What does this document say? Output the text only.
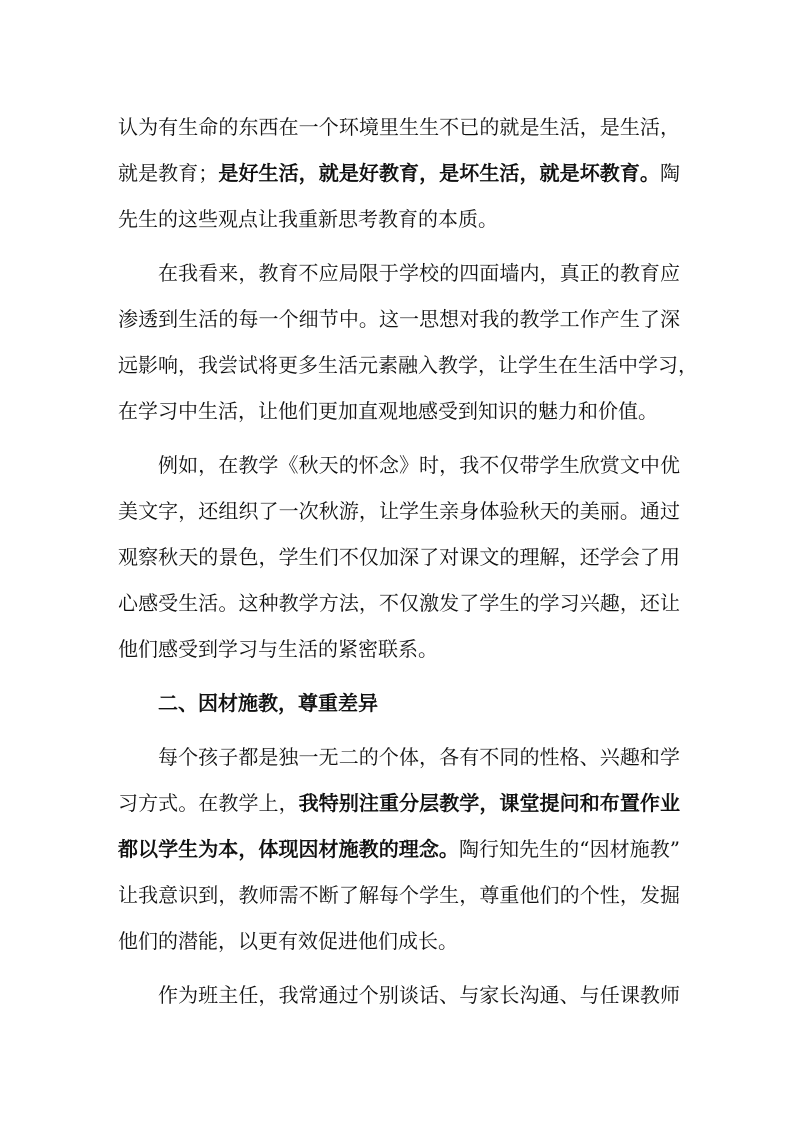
认为有生命的东西在一个环境里生生不已的就是生活，是生活，
就是教育；是好生活，就是好教育，是坏生活，就是坏教育。陶
先生的这些观点让我重新思考教育的本质。
在我看来，教育不应局限于学校的四面墙内，真正的教育应
渗透到生活的每一个细节中。这一思想对我的教学工作产生了深
远影响，我尝试将更多生活元素融入教学，让学生在生活中学习，
在学习中生活，让他们更加直观地感受到知识的魅力和价值。
例如，在教学《秋天的怀念》时，我不仅带学生欣赏文中优
美文字，还组织了一次秋游，让学生亲身体验秋天的美丽。通过
观察秋天的景色，学生们不仅加深了对课文的理解，还学会了用
心感受生活。这种教学方法，不仅激发了学生的学习兴趣，还让
他们感受到学习与生活的紧密联系。
二、因材施教，尊重差异
每个孩子都是独一无二的个体，各有不同的性格、兴趣和学
习方式。在教学上，我特别注重分层教学，课堂提问和布置作业
都以学生为本，体现因材施教的理念。陶行知先生的“因材施教”
让我意识到，教师需不断了解每个学生，尊重他们的个性，发掘
他们的潜能，以更有效促进他们成长。
作为班主任，我常通过个别谈话、与家长沟通、与任课教师
